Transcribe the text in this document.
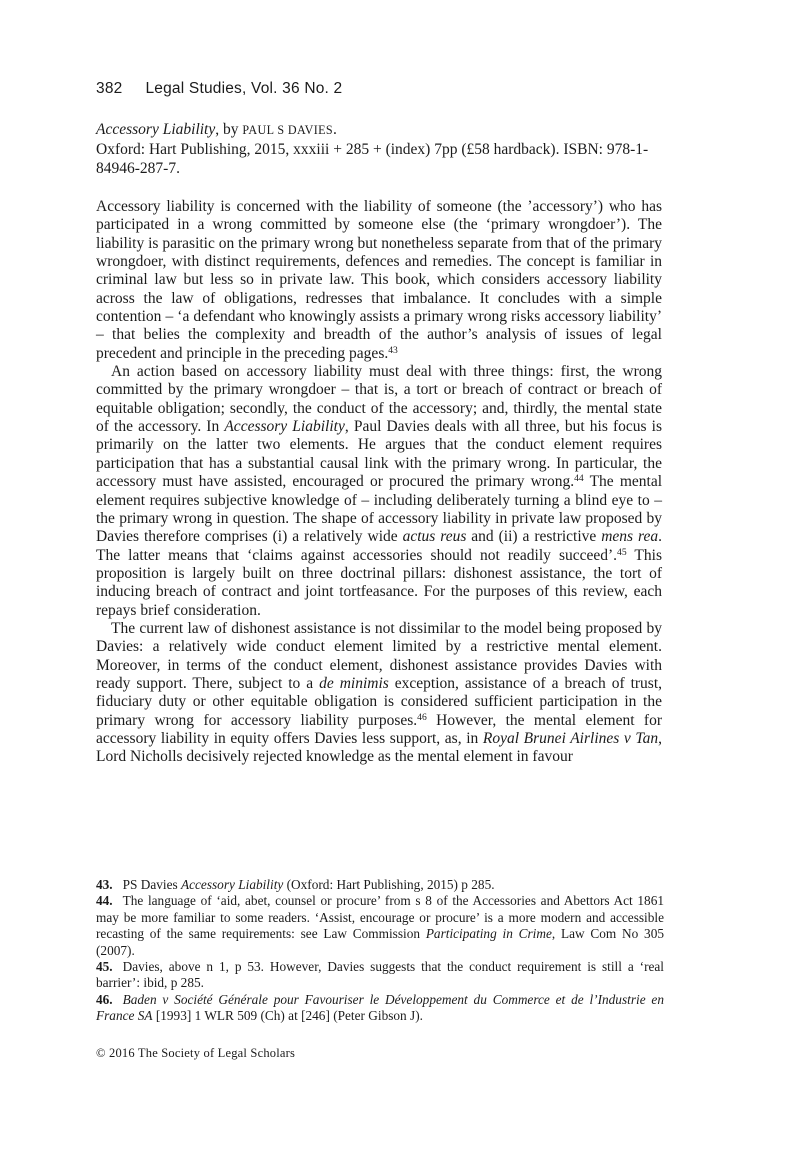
382 Legal Studies, Vol. 36 No. 2

Accessory Liability, by PAUL S DAVIES.

Oxford: Hart Publishing, 2015, xxxiii + 285 + (index) 7pp (£58 hardback). ISBN: 978-1-84946-287-7.

Accessory liability is concerned with the liability of someone (the ’accessory’) who has participated in a wrong committed by someone else (the ‘primary wrongdoer’). The liability is parasitic on the primary wrong but nonetheless separate from that of the primary wrongdoer, with distinct requirements, defences and remedies. The concept is familiar in criminal law but less so in private law. This book, which considers accessory liability across the law of obligations, redresses that imbalance. It concludes with a simple contention – ‘a defendant who knowingly assists a primary wrong risks accessory liability’ – that belies the complexity and breadth of the author’s analysis of issues of legal precedent and principle in the preceding pages.$^{43}$

An action based on accessory liability must deal with three things: first, the wrong committed by the primary wrongdoer – that is, a tort or breach of contract or breach of equitable obligation; secondly, the conduct of the accessory; and, thirdly, the mental state of the accessory. In Accessory Liability, Paul Davies deals with all three, but his focus is primarily on the latter two elements. He argues that the conduct element requires participation that has a substantial causal link with the primary wrong. In particular, the accessory must have assisted, encouraged or procured the primary wrong.$^{44}$ The mental element requires subjective knowledge of – including deliberately turning a blind eye to – the primary wrong in question. The shape of accessory liability in private law proposed by Davies therefore comprises (i) a relatively wide actus reus and (ii) a restrictive mens rea. The latter means that ‘claims against accessories should not readily succeed’.$^{45}$ This proposition is largely built on three doctrinal pillars: dishonest assistance, the tort of inducing breach of contract and joint tortfeasance. For the purposes of this review, each repays brief consideration.

The current law of dishonest assistance is not dissimilar to the model being proposed by Davies: a relatively wide conduct element limited by a restrictive mental element. Moreover, in terms of the conduct element, dishonest assistance provides Davies with ready support. There, subject to a de minimis exception, assistance of a breach of trust, fiduciary duty or other equitable obligation is considered sufficient participation in the primary wrong for accessory liability purposes.$^{46}$ However, the mental element for accessory liability in equity offers Davies less support, as, in Royal Brunei Airlines v Tan, Lord Nicholls decisively rejected knowledge as the mental element in favour

43. PS Davies Accessory Liability (Oxford: Hart Publishing, 2015) p 285.

44. The language of ‘aid, abet, counsel or procure’ from s 8 of the Accessories and Abettors Act 1861 may be more familiar to some readers. ‘Assist, encourage or procure’ is a more modern and accessible recasting of the same requirements: see Law Commission Participating in Crime, Law Com No 305 (2007).

45. Davies, above n 1, p 53. However, Davies suggests that the conduct requirement is still a ‘real barrier’: ibid, p 285.

46. Baden v Société Générale pour Favouriser le Développement du Commerce et de l’Industrie en France SA [1993] 1 WLR 509 (Ch) at [246] (Peter Gibson J).

© 2016 The Society of Legal Scholars
